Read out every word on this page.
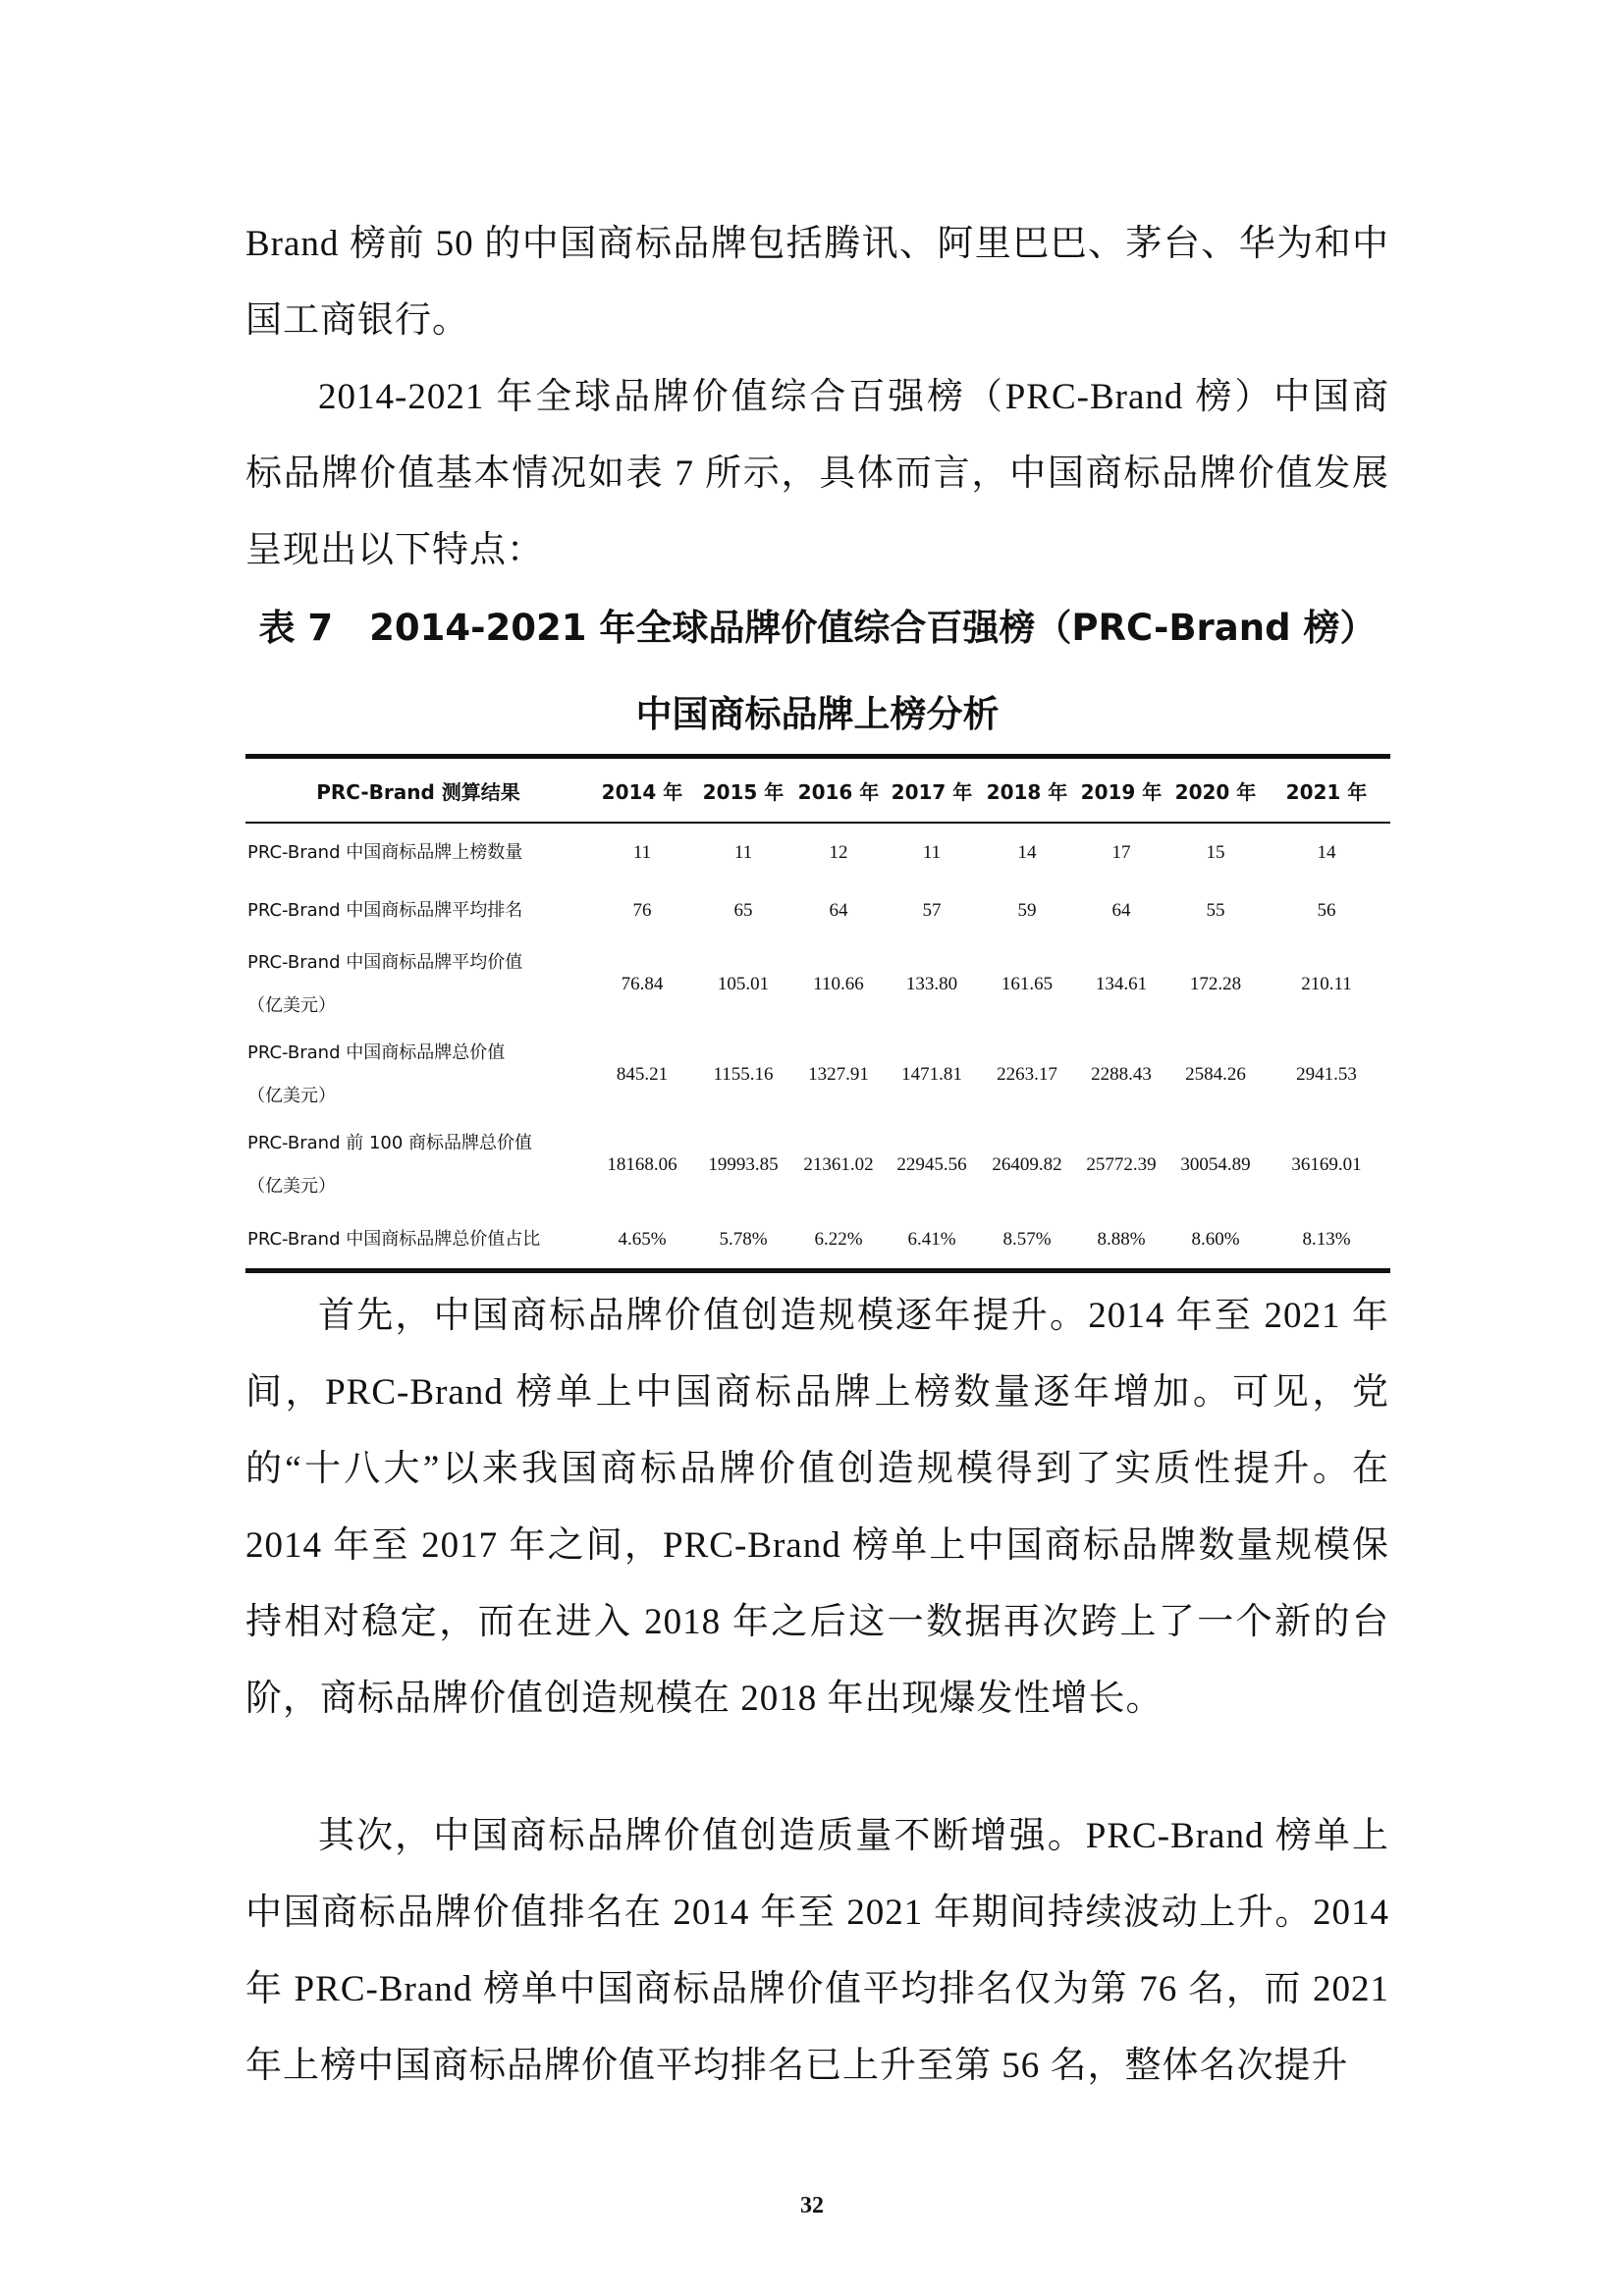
Brand 榜前 50 的中国商标品牌包括腾讯、阿里巴巴、茅台、华为和中国工商银行。

2014-2021 年全球品牌价值综合百强榜（PRC-Brand 榜）中国商标品牌价值基本情况如表 7 所示，具体而言，中国商标品牌价值发展呈现出以下特点：

表 7　2014-2021 年全球品牌价值综合百强榜（PRC-Brand 榜）

中国商标品牌上榜分析

PRC-Brand 测算结果	2014 年	2015 年	2016 年	2017 年	2018 年	2019 年	2020 年	2021 年
PRC-Brand 中国商标品牌上榜数量	11	11	12	11	14	17	15	14
PRC-Brand 中国商标品牌平均排名	76	65	64	57	59	64	55	56
PRC-Brand 中国商标品牌平均价值
（亿美元）	76.84	105.01	110.66	133.80	161.65	134.61	172.28	210.11
PRC-Brand 中国商标品牌总价值
（亿美元）	845.21	1155.16	1327.91	1471.81	2263.17	2288.43	2584.26	2941.53
PRC-Brand 前 100 商标品牌总价值
（亿美元）	18168.06	19993.85	21361.02	22945.56	26409.82	25772.39	30054.89	36169.01
PRC-Brand 中国商标品牌总价值占比	4.65%	5.78%	6.22%	6.41%	8.57%	8.88%	8.60%	8.13%

首先，中国商标品牌价值创造规模逐年提升。2014 年至 2021 年间，PRC-Brand 榜单上中国商标品牌上榜数量逐年增加。可见，党的“十八大”以来我国商标品牌价值创造规模得到了实质性提升。在 2014 年至 2017 年之间，PRC-Brand 榜单上中国商标品牌数量规模保持相对稳定，而在进入 2018 年之后这一数据再次跨上了一个新的台阶，商标品牌价值创造规模在 2018 年出现爆发性增长。

其次，中国商标品牌价值创造质量不断增强。PRC-Brand 榜单上中国商标品牌价值排名在 2014 年至 2021 年期间持续波动上升。2014 年 PRC-Brand 榜单中国商标品牌价值平均排名仅为第 76 名，而 2021 年上榜中国商标品牌价值平均排名已上升至第 56 名，整体名次提升

32
